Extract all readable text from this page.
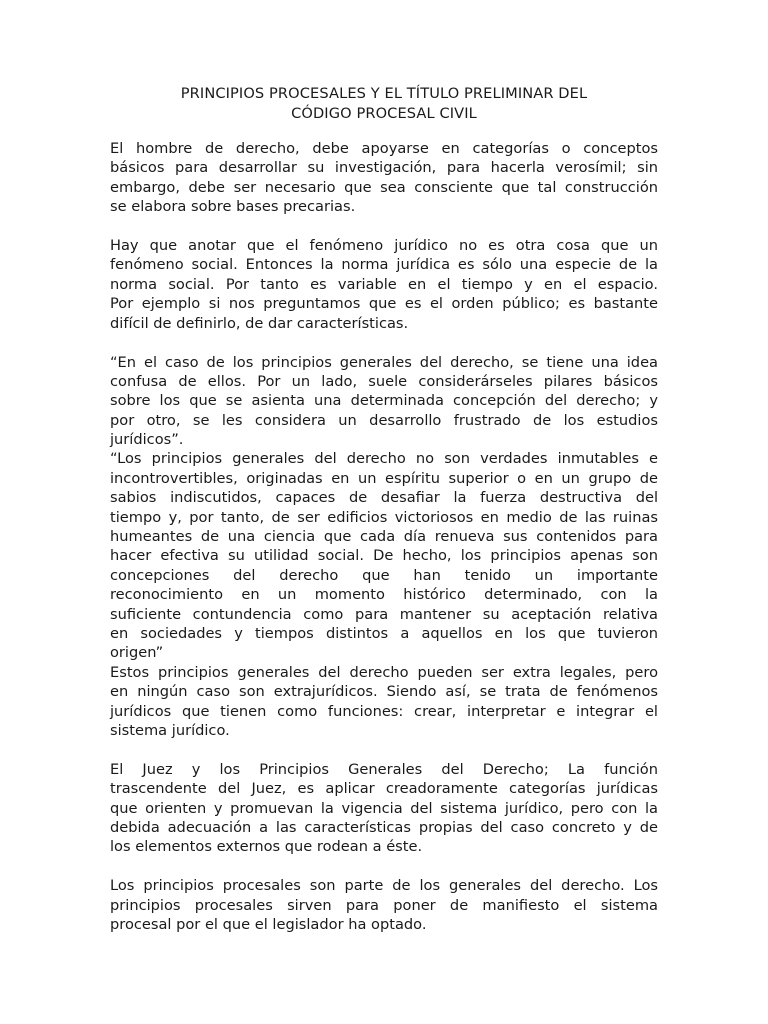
PRINCIPIOS PROCESALES Y EL TÍTULO PRELIMINAR DEL
CÓDIGO PROCESAL CIVIL
El hombre de derecho, debe apoyarse en categorías o conceptos
básicos para desarrollar su investigación, para hacerla verosímil; sin
embargo, debe ser necesario que sea consciente que tal construcción
se elabora sobre bases precarias.
Hay que anotar que el fenómeno jurídico no es otra cosa que un
fenómeno social. Entonces la norma jurídica es sólo una especie de la
norma social. Por tanto es variable en el tiempo y en el espacio.
Por ejemplo si nos preguntamos que es el orden público; es bastante
difícil de definirlo, de dar características.
“En el caso de los principios generales del derecho, se tiene una idea
confusa de ellos. Por un lado, suele considerárseles pilares básicos
sobre los que se asienta una determinada concepción del derecho; y
por otro, se les considera un desarrollo frustrado de los estudios
jurídicos”.
“Los principios generales del derecho no son verdades inmutables e
incontrovertibles, originadas en un espíritu superior o en un grupo de
sabios indiscutidos, capaces de desafiar la fuerza destructiva del
tiempo y, por tanto, de ser edificios victoriosos en medio de las ruinas
humeantes de una ciencia que cada día renueva sus contenidos para
hacer efectiva su utilidad social. De hecho, los principios apenas son
concepciones del derecho que han tenido un importante
reconocimiento en un momento histórico determinado, con la
suficiente contundencia como para mantener su aceptación relativa
en sociedades y tiempos distintos a aquellos en los que tuvieron
origen”
Estos principios generales del derecho pueden ser extra legales, pero
en ningún caso son extrajurídicos. Siendo así, se trata de fenómenos
jurídicos que tienen como funciones: crear, interpretar e integrar el
sistema jurídico.
El Juez y los Principios Generales del Derecho; La función
trascendente del Juez, es aplicar creadoramente categorías jurídicas
que orienten y promuevan la vigencia del sistema jurídico, pero con la
debida adecuación a las características propias del caso concreto y de
los elementos externos que rodean a éste.
Los principios procesales son parte de los generales del derecho. Los
principios procesales sirven para poner de manifiesto el sistema
procesal por el que el legislador ha optado.
